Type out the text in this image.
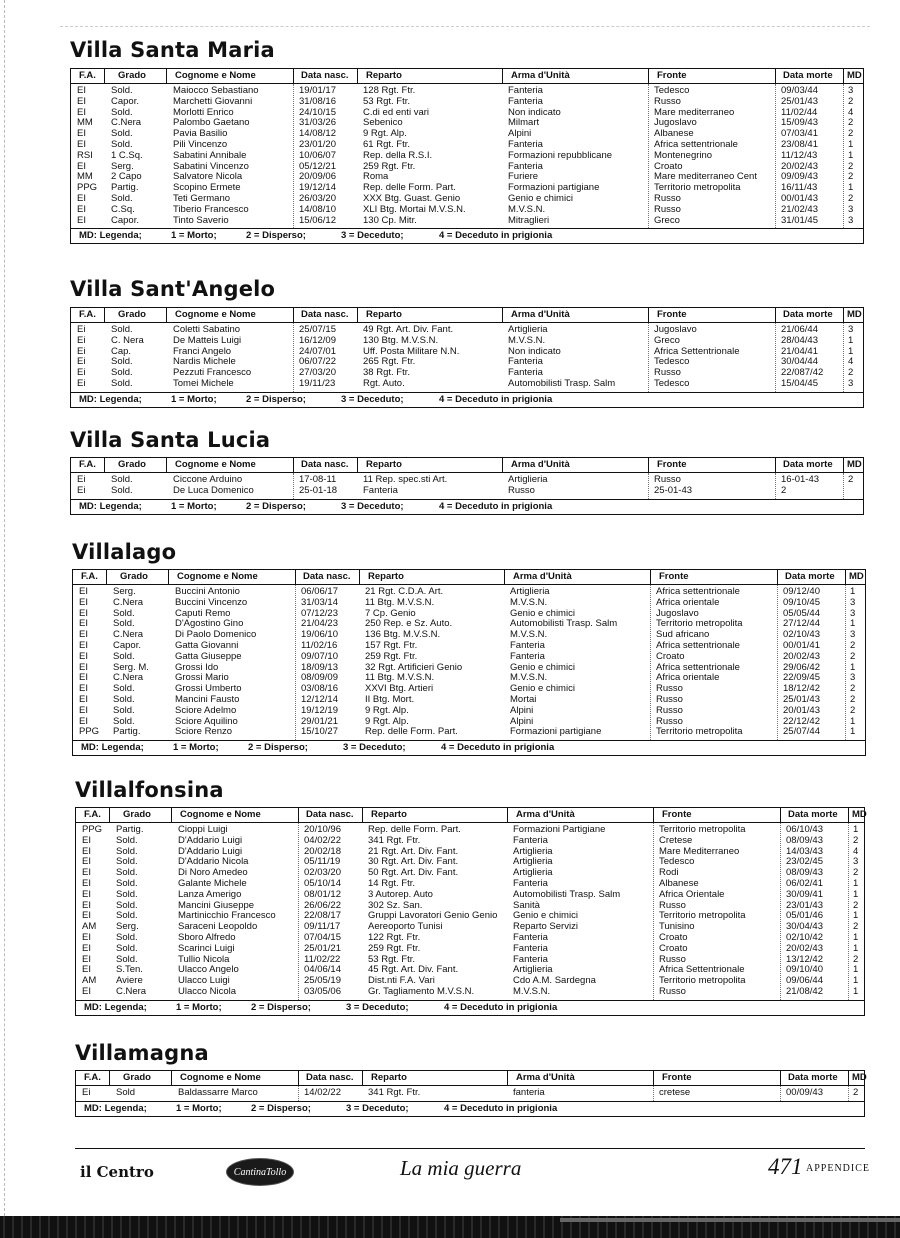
Villa Santa Maria
F.A. Grado	Cognome e Nome	Data nasc. Reparto	Arma d'Unità	Fronte	Data morte MD
EI	Sold.	Maiocco Sebastiano	19/01/17	128 Rgt. Ftr.	Fanteria	Tedesco	09/03/44	3
EI	Capor.	Marchetti Giovanni	31/08/16	53 Rgt. Ftr.	Fanteria	Russo	25/01/43	2
EI	Sold.	Morlotti Enrico	24/10/15	C.di ed enti vari	Non indicato	Mare mediterraneo	11/02/44	4
MM C.Nera	Palombo Gaetano	31/03/26	Sebenico	Milmart	Jugoslavo	15/09/43	2
EI	Sold.	Pavia Basilio	14/08/12	9 Rgt. Alp.	Alpini	Albanese	07/03/41	2
EI	Sold.	Pili Vincenzo	23/01/20	61 Rgt. Ftr.	Fanteria	Africa settentrionale	23/08/41	1
RSI 1 C.Sq.	Sabatini Annibale	10/06/07	Rep. della R.S.I.	Formazioni repubblicane	Montenegrino	11/12/43	1
EI	Serg.	Sabatini Vincenzo	05/12/21	259 Rgt. Ftr.	Fanteria	Croato	20/02/43	2
MM 2 Capo	Salvatore Nicola	20/09/06	Roma	Furiere	Mare mediterraneo Cent	09/09/43	2
PPG Partig.	Scopino Ermete	19/12/14	Rep. delle Form. Part.	Formazioni partigiane	Territorio metropolita	16/11/43	1
EI	Sold.	Teti Germano	26/03/20	XXX Btg. Guast. Genio	Genio e chimici	Russo	00/01/43	2
EI	C.Sq.	Tiberio Francesco	14/08/10	XLI Btg. Mortai M.V.S.N.	M.V.S.N.	Russo	21/02/43	3
EI	Capor.	Tinto Saverio	15/06/12	130 Cp. Mitr.	Mitraglieri	Greco	31/01/45	3
MD: Legenda;	1 = Morto;	2 = Disperso;	3 = Deceduto;	4 = Deceduto in prigionia
Villa Sant'Angelo
F.A. Grado	Cognome e Nome	Data nasc. Reparto	Arma d'Unità	Fronte	Data morte MD
Ei	Sold.	Coletti Sabatino	25/07/15	49 Rgt. Art. Div. Fant.	Artiglieria	Jugoslavo	21/06/44	3
Ei	C. Nera	De Matteis Luigi	16/12/09	130 Btg. M.V.S.N.	M.V.S.N.	Greco	28/04/43	1
Ei	Cap.	Franci Angelo	24/07/01	Uff. Posta Militare N.N.	Non indicato	Africa Settentrionale	21/04/41	1
Ei	Sold.	Nardis Michele	06/07/22	265 Rgt. Ftr.	Fanteria	Tedesco	30/04/44	4
Ei	Sold.	Pezzuti Francesco	27/03/20	38 Rgt. Ftr.	Fanteria	Russo	22/087/42	2
Ei	Sold.	Tomei Michele	19/11/23	Rgt. Auto.	Automobilisti Trasp. Salm	Tedesco	15/04/45	3
MD: Legenda;	1 = Morto;	2 = Disperso;	3 = Deceduto;	4 = Deceduto in prigionia
Villa Santa Lucia
F.A. Grado	Cognome e Nome	Data nasc. Reparto	Arma d'Unità	Fronte	Data morte MD
Ei	Sold.	Ciccone Arduino	17-08-11	11 Rep. spec.sti Art.	Artiglieria	Russo	16-01-43	2
Ei	Sold.	De Luca Domenico	25-01-18	Fanteria	Russo	25-01-43	2
MD: Legenda;	1 = Morto;	2 = Disperso;	3 = Deceduto;	4 = Deceduto in prigionia
Villalago
F.A. Grado	Cognome e Nome	Data nasc. Reparto	Arma d'Unità	Fronte	Data morte MD
EI	Serg.	Buccini Antonio	06/06/17	21 Rgt. C.D.A. Art.	Artiglieria	Africa settentrionale	09/12/40	1
EI	C.Nera	Buccini Vincenzo	31/03/14	11 Btg. M.V.S.N.	M.V.S.N.	Africa orientale	09/10/45	3
EI	Sold.	Caputi Remo	07/12/23	7 Cp. Genio	Genio e chimici	Jugoslavo	05/05/44	3
EI	Sold.	D'Agostino Gino	21/04/23	250 Rep. e Sz. Auto.	Automobilisti Trasp. Salm	Territorio metropolita	27/12/44	1
EI	C.Nera	Di Paolo Domenico	19/06/10	136 Btg. M.V.S.N.	M.V.S.N.	Sud africano	02/10/43	3
EI	Capor.	Gatta Giovanni	11/02/16	157 Rgt. Ftr.	Fanteria	Africa settentrionale	00/01/41	2
EI	Sold.	Gatta Giuseppe	09/07/10	259 Rgt. Ftr.	Fanteria	Croato	20/02/43	2
EI	Serg. M.	Grossi Ido	18/09/13	32 Rgt. Artificieri Genio	Genio e chimici	Africa settentrionale	29/06/42	1
EI	C.Nera	Grossi Mario	08/09/09	11 Btg. M.V.S.N.	M.V.S.N.	Africa orientale	22/09/45	3
EI	Sold.	Grossi Umberto	03/08/16	XXVI Btg. Artieri	Genio e chimici	Russo	18/12/42	2
EI	Sold.	Mancini Fausto	12/12/14	II Btg. Mort.	Mortai	Russo	25/01/43	2
EI	Sold.	Sciore Adelmo	19/12/19	9 Rgt. Alp.	Alpini	Russo	20/01/43	2
EI	Sold.	Sciore Aquilino	29/01/21	9 Rgt. Alp.	Alpini	Russo	22/12/42	1
PPG Partig.	Sciore Renzo	15/10/27	Rep. delle Form. Part.	Formazioni partigiane	Territorio metropolita	25/07/44	1
MD: Legenda;	1 = Morto;	2 = Disperso;	3 = Deceduto;	4 = Deceduto in prigionia
Villalfonsina
F.A. Grado	Cognome e Nome	Data nasc. Reparto	Arma d'Unità	Fronte	Data morte MD
PPG Partig.	Cioppi Luigi	20/10/96	Rep. delle Form. Part.	Formazioni Partigiane	Territorio metropolita	06/10/43	1
EI	Sold.	D'Addario Luigi	04/02/22	341 Rgt. Ftr.	Fanteria	Cretese	08/09/43	2
EI	Sold.	D'Addario Luigi	20/02/18	21 Rgt. Art. Div. Fant.	Artiglieria	Mare Mediterraneo	14/03/43	4
EI	Sold.	D'Addario Nicola	05/11/19	30 Rgt. Art. Div. Fant.	Artiglieria	Tedesco	23/02/45	3
EI	Sold.	Di Noro Amedeo	02/03/20	50 Rgt. Art. Div. Fant.	Artiglieria	Rodi	08/09/43	2
EI	Sold.	Galante Michele	05/10/14	14 Rgt. Ftr.	Fanteria	Albanese	06/02/41	1
EI	Sold.	Lanza Amerigo	08/01/12	3 Autorep. Auto	Automobilisti Trasp. Salm	Africa Orientale	30/09/41	1
EI	Sold.	Mancini Giuseppe	26/06/22	302 Sz. San.	Sanità	Russo	23/01/43	2
EI	Sold.	Martinicchio Francesco	22/08/17	Gruppi Lavoratori Genio Genio Genio e chimici	Territorio metropolita	05/01/46	1
AM Serg.	Saraceni Leopoldo	09/11/17	Aereoporto Tunisi	Reparto Servizi	Tunisino	30/04/43	2
EI	Sold.	Sboro Alfredo	07/04/15	122 Rgt. Ftr.	Fanteria	Croato	02/10/42	1
EI	Sold.	Scarinci Luigi	25/01/21	259 Rgt. Ftr.	Fanteria	Croato	20/02/43	1
EI	Sold.	Tullio Nicola	11/02/22	53 Rgt. Ftr.	Fanteria	Russo	13/12/42	2
EI	S.Ten.	Ulacco Angelo	04/06/14	45 Rgt. Art. Div. Fant.	Artiglieria	Africa Settentrionale	09/10/40	1
AM Aviere	Ulacco Luigi	25/05/19	Dist.nti F.A. Vari	Cdo A.M. Sardegna	Territorio metropolita	09/06/44	1
EI	C.Nera	Ulacco Nicola	03/05/06	Gr. Tagliamento M.V.S.N.	M.V.S.N.	Russo	21/08/42	1
MD: Legenda;	1 = Morto;	2 = Disperso;	3 = Deceduto;	4 = Deceduto in prigionia
Villamagna
F.A. Grado	Cognome e Nome	Data nasc. Reparto	Arma d'Unità	Fronte	Data morte MD
Ei	Sold	Baldassarre Marco	14/02/22	341 Rgt. Ftr.	fanteria	cretese	00/09/43	2
MD: Legenda;	1 = Morto;	2 = Disperso;	3 = Deceduto;	4 = Deceduto in prigionia
il Centro	CantinaTollo	La mia guerra	471 APPENDICE
